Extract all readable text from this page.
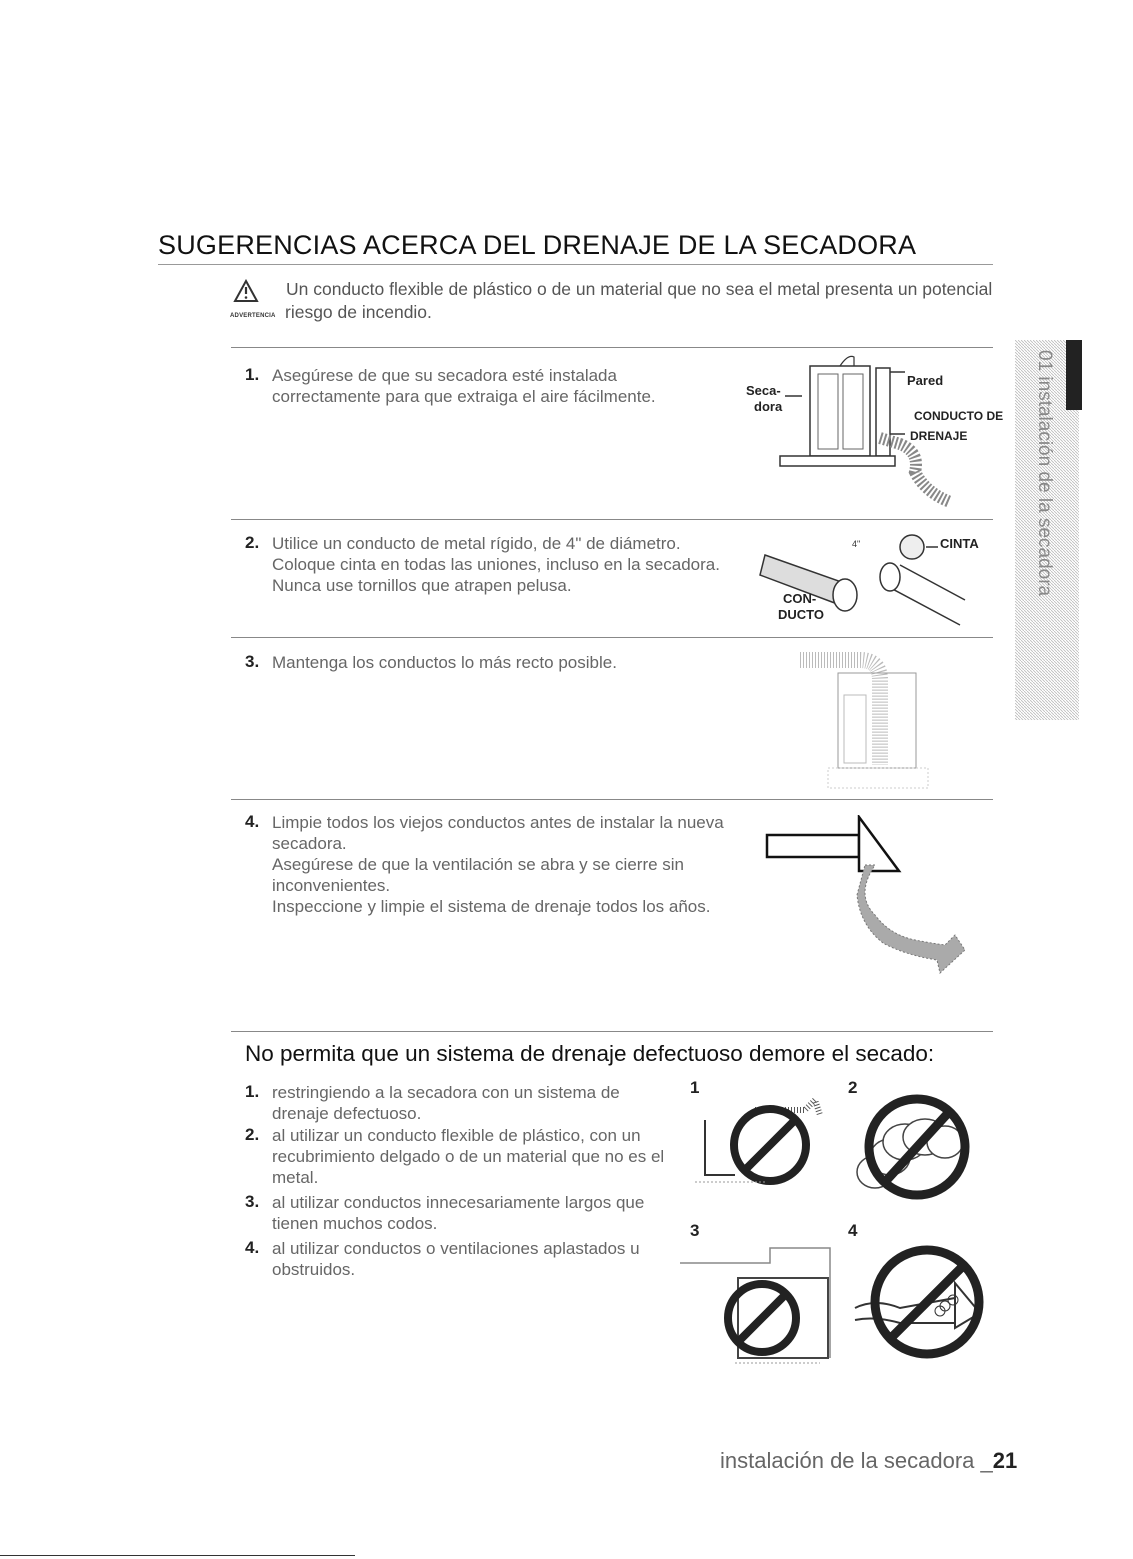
SUGERENCIAS ACERCA DEL DRENAJE DE LA SECADORA
ADVERTENCIA
Un conducto flexible de plástico o de un material que no sea el metal presenta un potencial
riesgo de incendio.
1. Asegúrese de que su secadora esté instalada
correctamente para que extraiga el aire fácilmente.
2. Utilice un conducto de metal rígido, de 4" de diámetro.
Coloque cinta en todas las uniones, incluso en la secadora.
Nunca use tornillos que atrapen pelusa.
3. Mantenga los conductos lo más recto posible.
4. Limpie todos los viejos conductos antes de instalar la nueva
secadora.
Asegúrese de que la ventilación se abra y se cierre sin
inconvenientes.
Inspeccione y limpie el sistema de drenaje todos los años.
Pared
Seca-
dora
CONDUCTO DE
DRENAJE
4"	CINTA
CON-
DUCTO
No permita que un sistema de drenaje defectuoso demore el secado:
1. restringiendo a la secadora con un sistema de
drenaje defectuoso.
2. al utilizar un conducto flexible de plástico, con un
recubrimiento delgado o de un material que no es el
metal.
3. al utilizar conductos innecesariamente largos que
tienen muchos codos.
4. al utilizar conductos o ventilaciones aplastados u
obstruidos.
1	2
3	4
01 instalación de la secadora
instalación de la secadora _21
